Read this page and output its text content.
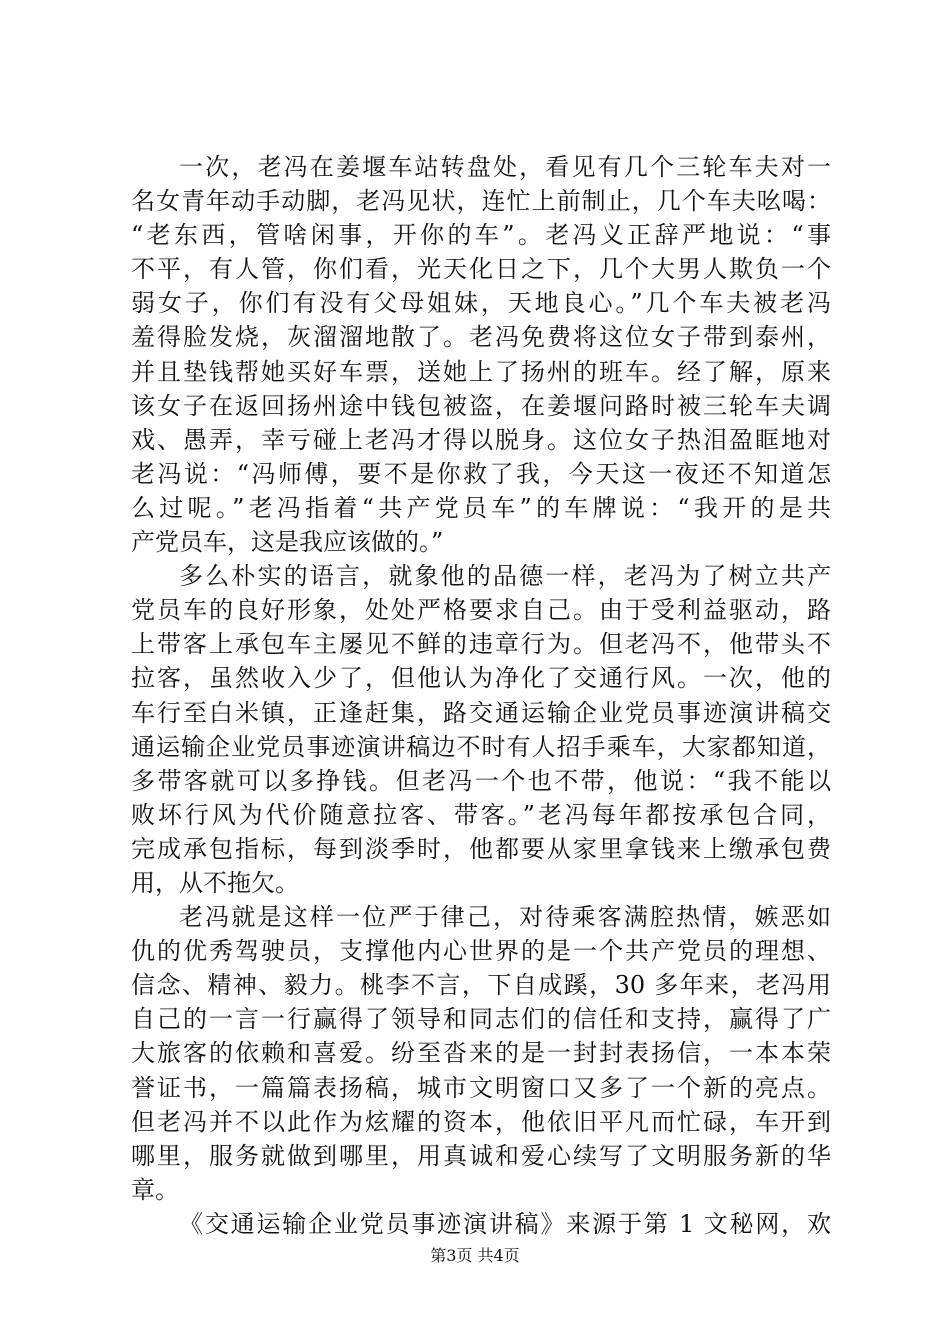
一次，老冯在姜堰车站转盘处，看见有几个三轮车夫对一
名女青年动手动脚，老冯见状，连忙上前制止，几个车夫吆喝：
“老东西，管啥闲事，开你的车”。老冯义正辞严地说：“事
不平，有人管，你们看，光天化日之下，几个大男人欺负一个
弱女子，你们有没有父母姐妹，天地良心。”几个车夫被老冯
羞得脸发烧，灰溜溜地散了。老冯免费将这位女子带到泰州，
并且垫钱帮她买好车票，送她上了扬州的班车。经了解，原来
该女子在返回扬州途中钱包被盗，在姜堰问路时被三轮车夫调
戏、愚弄，幸亏碰上老冯才得以脱身。这位女子热泪盈眶地对
老冯说：“冯师傅，要不是你救了我，今天这一夜还不知道怎
么过呢。”老冯指着“共产党员车”的车牌说：“我开的是共
产党员车，这是我应该做的。”
多么朴实的语言，就象他的品德一样，老冯为了树立共产
党员车的良好形象，处处严格要求自己。由于受利益驱动，路
上带客上承包车主屡见不鲜的违章行为。但老冯不，他带头不
拉客，虽然收入少了，但他认为净化了交通行风。一次，他的
车行至白米镇，正逢赶集，路交通运输企业党员事迹演讲稿交
通运输企业党员事迹演讲稿边不时有人招手乘车，大家都知道，
多带客就可以多挣钱。但老冯一个也不带，他说：“我不能以
败坏行风为代价随意拉客、带客。”老冯每年都按承包合同，
完成承包指标，每到淡季时，他都要从家里拿钱来上缴承包费
用，从不拖欠。
老冯就是这样一位严于律己，对待乘客满腔热情，嫉恶如
仇的优秀驾驶员，支撑他内心世界的是一个共产党员的理想、
信念、精神、毅力。桃李不言，下自成蹊，30 多年来，老冯用
自己的一言一行赢得了领导和同志们的信任和支持，赢得了广
大旅客的依赖和喜爱。纷至沓来的是一封封表扬信，一本本荣
誉证书，一篇篇表扬稿，城市文明窗口又多了一个新的亮点。
但老冯并不以此作为炫耀的资本，他依旧平凡而忙碌，车开到
哪里，服务就做到哪里，用真诚和爱心续写了文明服务新的华
章。
《交通运输企业党员事迹演讲稿》来源于第 1 文秘网，欢
第3页 共4页
